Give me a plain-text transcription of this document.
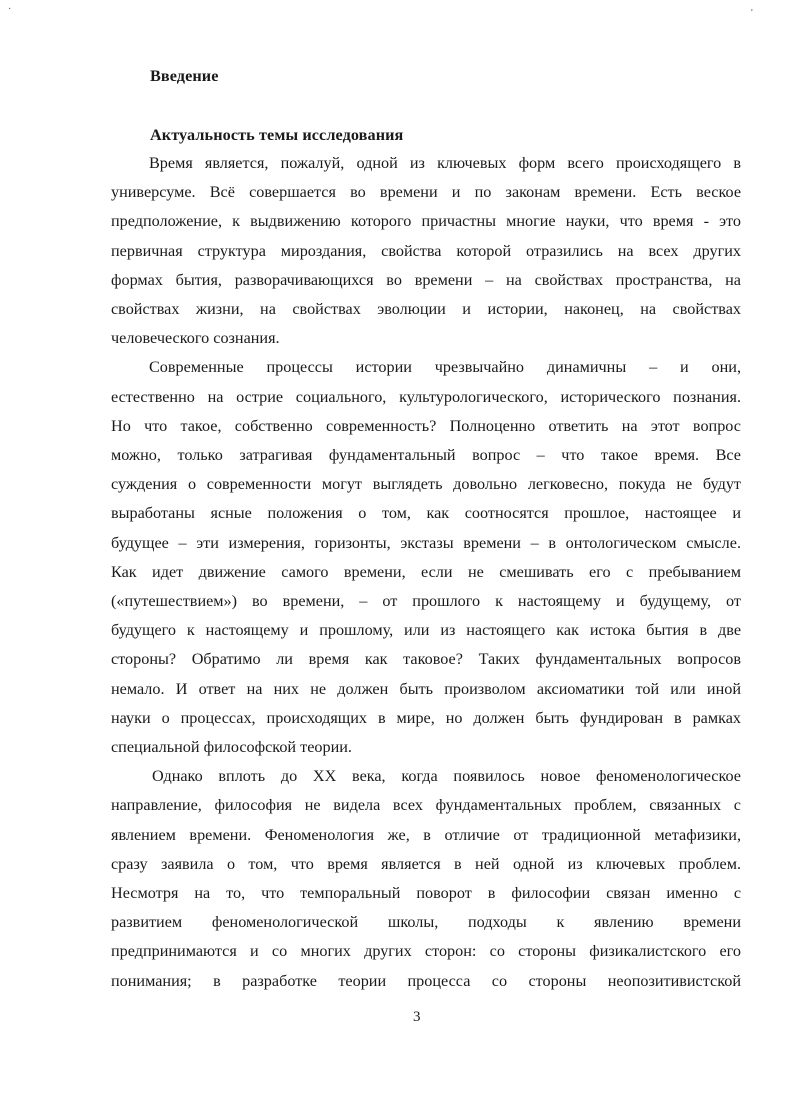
·	'
Введение
Актуальность темы исследования
Время является, пожалуй, одной из ключевых форм всего происходящего в
универсуме. Всё совершается во времени и по законам времени. Есть веское
предположение, к выдвижению которого причастны многие науки, что время - это
первичная структура мироздания, свойства которой отразились на всех других
формах бытия, разворачивающихся во времени – на свойствах пространства, на
свойствах жизни, на свойствах эволюции и истории, наконец, на свойствах
человеческого сознания.
Современные процессы истории чрезвычайно динамичны – и они,
естественно на острие социального, культурологического, исторического познания.
Но что такое, собственно современность? Полноценно ответить на этот вопрос
можно, только затрагивая фундаментальный вопрос – что такое время. Все
суждения о современности могут выглядеть довольно легковесно, покуда не будут
выработаны ясные положения о том, как соотносятся прошлое, настоящее и
будущее – эти измерения, горизонты, экстазы времени – в онтологическом смысле.
Как идет движение самого времени, если не смешивать его с пребыванием
(«путешествием») во времени, – от прошлого к настоящему и будущему, от
будущего к настоящему и прошлому, или из настоящего как истока бытия в две
стороны? Обратимо ли время как таковое? Таких фундаментальных вопросов
немало. И ответ на них не должен быть произволом аксиоматики той или иной
науки о процессах, происходящих в мире, но должен быть фундирован в рамках
специальной философской теории.
Однако вплоть до XX века, когда появилось новое феноменологическое
направление, философия не видела всех фундаментальных проблем, связанных с
явлением времени. Феноменология же, в отличие от традиционной метафизики,
сразу заявила о том, что время является в ней одной из ключевых проблем.
Несмотря на то, что темпоральный поворот в философии связан именно с
развитием феноменологической школы, подходы к явлению времени
предпринимаются и со многих других сторон: со стороны физикалистского его
понимания; в разработке теории процесса со стороны неопозитивистской
3
